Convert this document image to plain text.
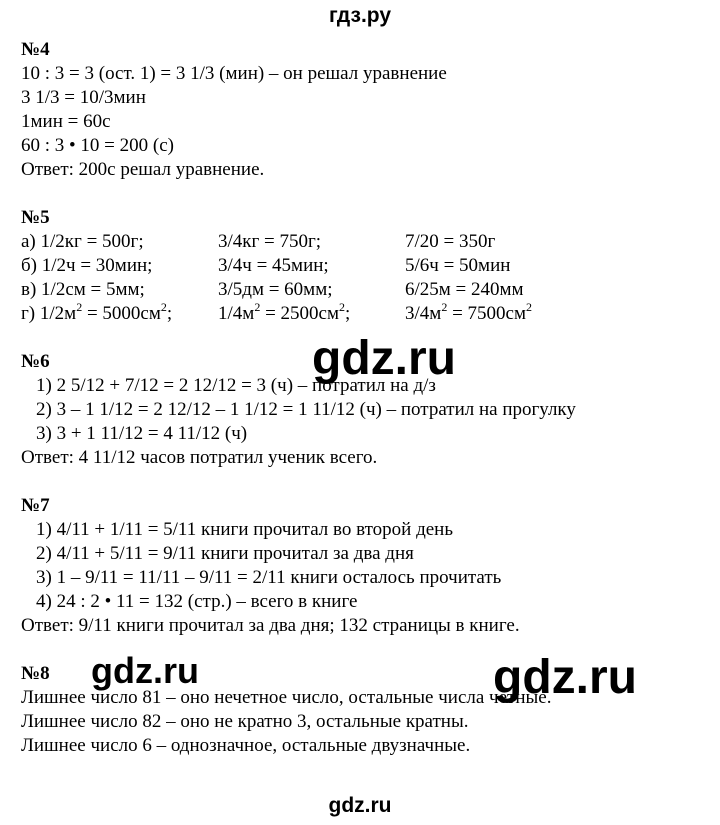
гдз.ру
№4
10 : 3 = 3 (ост. 1) = 3 1/3 (мин) – он решал уравнение
3 1/3 = 10/3мин
1мин = 60с
60 : 3 • 10 = 200 (с)
Ответ: 200с решал уравнение.
№5
а) 1/2кг = 500г;	3/4кг = 750г;	7/20 = 350г
б) 1/2ч = 30мин;	3/4ч = 45мин;	5/6ч = 50мин
в) 1/2см = 5мм;	3/5дм = 60мм;	6/25м = 240мм
г) $1/2м^2 = 5000см^2$; $1/4м^2 = 2500см^2$;	$3/4м^2 = 7500см^2$
№6
1) 2 5/12 + 7/12 = 2 12/12 = 3 (ч) – потратил на д/з
2) 3 – 1 1/12 = 2 12/12 – 1 1/12 = 1 11/12 (ч) – потратил на прогулку
3) 3 + 1 11/12 = 4 11/12 (ч)
Ответ: 4 11/12 часов потратил ученик всего.
№7
1) 4/11 + 1/11 = 5/11 книги прочитал во второй день
2) 4/11 + 5/11 = 9/11 книги прочитал за два дня
3) 1 – 9/11 = 11/11 – 9/11 = 2/11 книги осталось прочитать
4) 24 : 2 • 11 = 132 (стр.) – всего в книге
Ответ: 9/11 книги прочитал за два дня; 132 страницы в книге.
№8
Лишнее число 81 – оно нечетное число, остальные числа четные.
Лишнее число 82 – оно не кратно 3, остальные кратны.
Лишнее число 6 – однозначное, остальные двузначные.
gdz.ru
gdz.ru	gdz.ru
gdz.ru
